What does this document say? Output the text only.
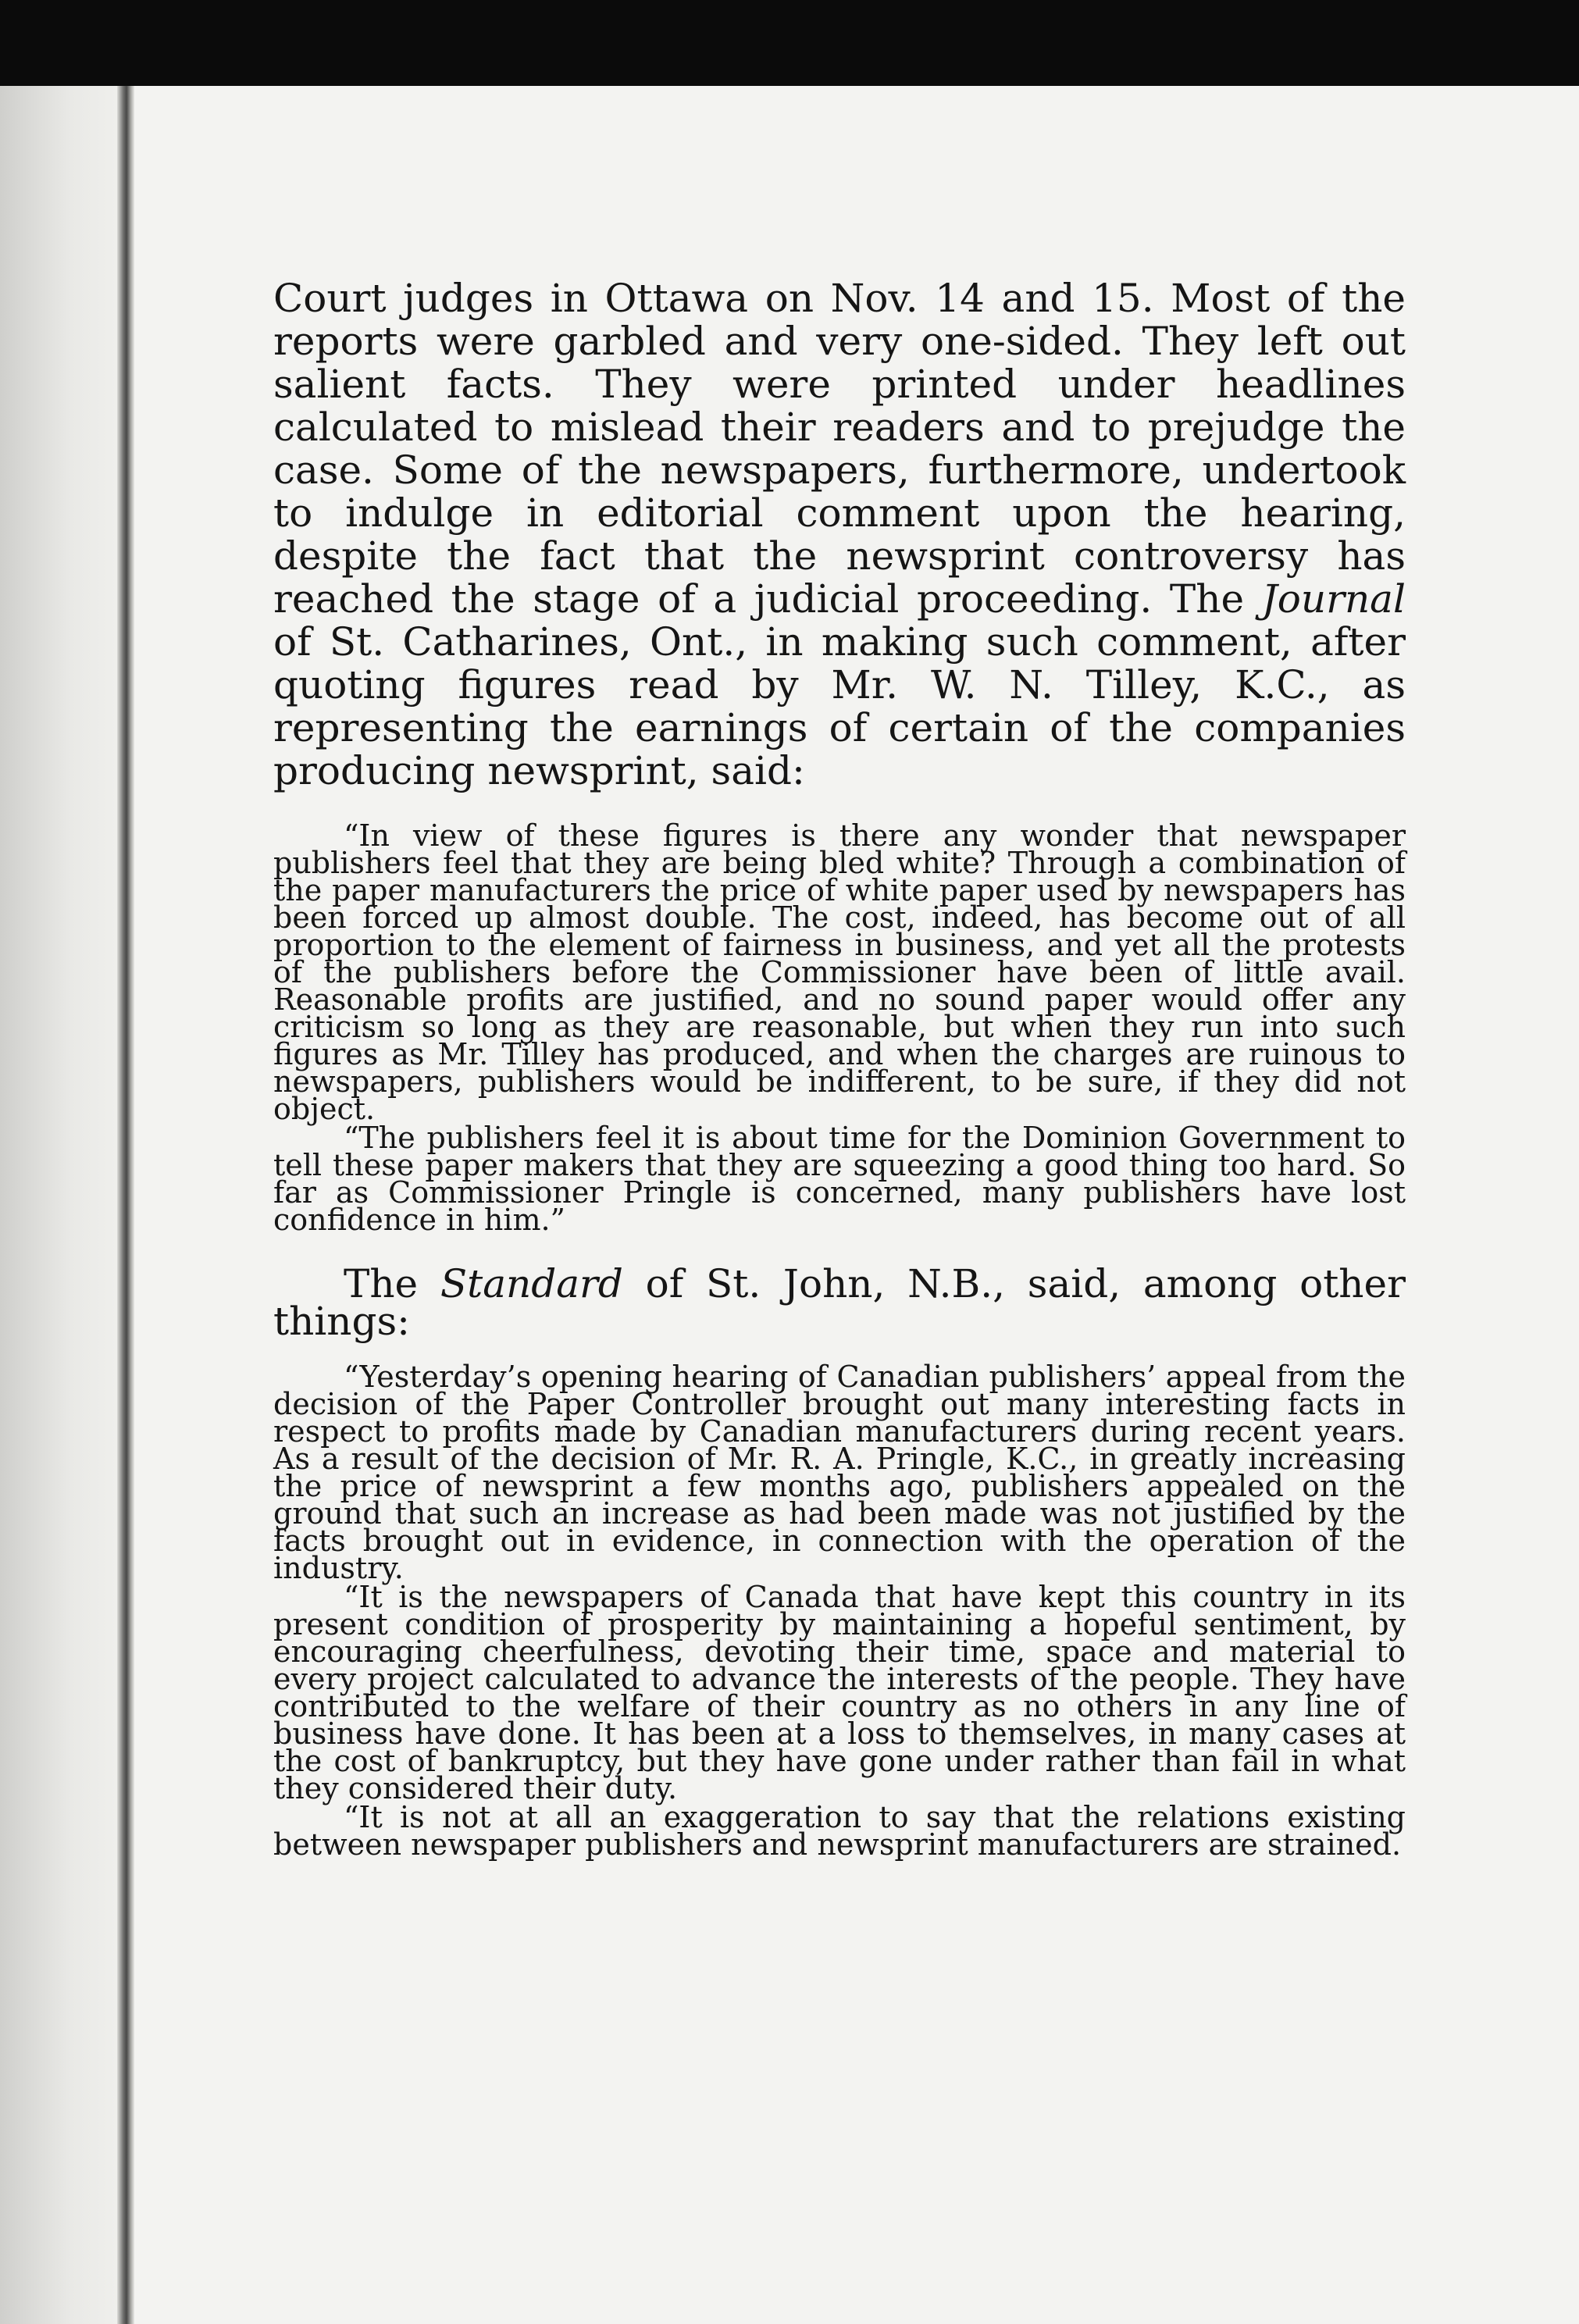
Court judges in Ottawa on Nov. 14 and 15. Most of the reports were garbled and very one-sided. They left out salient facts. They were printed under headlines calculated to mislead their readers and to prejudge the case. Some of the newspapers, furthermore, undertook to indulge in editorial comment upon the hearing, despite the fact that the newsprint controversy has reached the stage of a judicial proceeding. The Journal of St. Catharines, Ont., in making such comment, after quoting figures read by Mr. W. N. Tilley, K.C., as representing the earnings of certain of the companies producing newsprint, said:

“In view of these figures is there any wonder that newspaper publishers feel that they are being bled white? Through a combination of the paper manufacturers the price of white paper used by newspapers has been forced up almost double. The cost, indeed, has become out of all proportion to the element of fairness in business, and yet all the protests of the publishers before the Commissioner have been of little avail. Reasonable profits are justified, and no sound paper would offer any criticism so long as they are reasonable, but when they run into such figures as Mr. Tilley has produced, and when the charges are ruinous to newspapers, publishers would be indifferent, to be sure, if they did not object.

“The publishers feel it is about time for the Dominion Government to tell these paper makers that they are squeezing a good thing too hard. So far as Commissioner Pringle is concerned, many publishers have lost confidence in him.”

The Standard of St. John, N.B., said, among other things:

“Yesterday’s opening hearing of Canadian publishers’ appeal from the decision of the Paper Controller brought out many interesting facts in respect to profits made by Canadian manufacturers during recent years. As a result of the decision of Mr. R. A. Pringle, K.C., in greatly increasing the price of newsprint a few months ago, publishers appealed on the ground that such an increase as had been made was not justified by the facts brought out in evidence, in connection with the operation of the industry.

“It is the newspapers of Canada that have kept this country in its present condition of prosperity by maintaining a hopeful sentiment, by encouraging cheerfulness, devoting their time, space and material to every project calculated to advance the interests of the people. They have contributed to the welfare of their country as no others in any line of business have done. It has been at a loss to themselves, in many cases at the cost of bankruptcy, but they have gone under rather than fail in what they considered their duty.

“It is not at all an exaggeration to say that the relations existing between newspaper publishers and newsprint manufacturers are strained.
